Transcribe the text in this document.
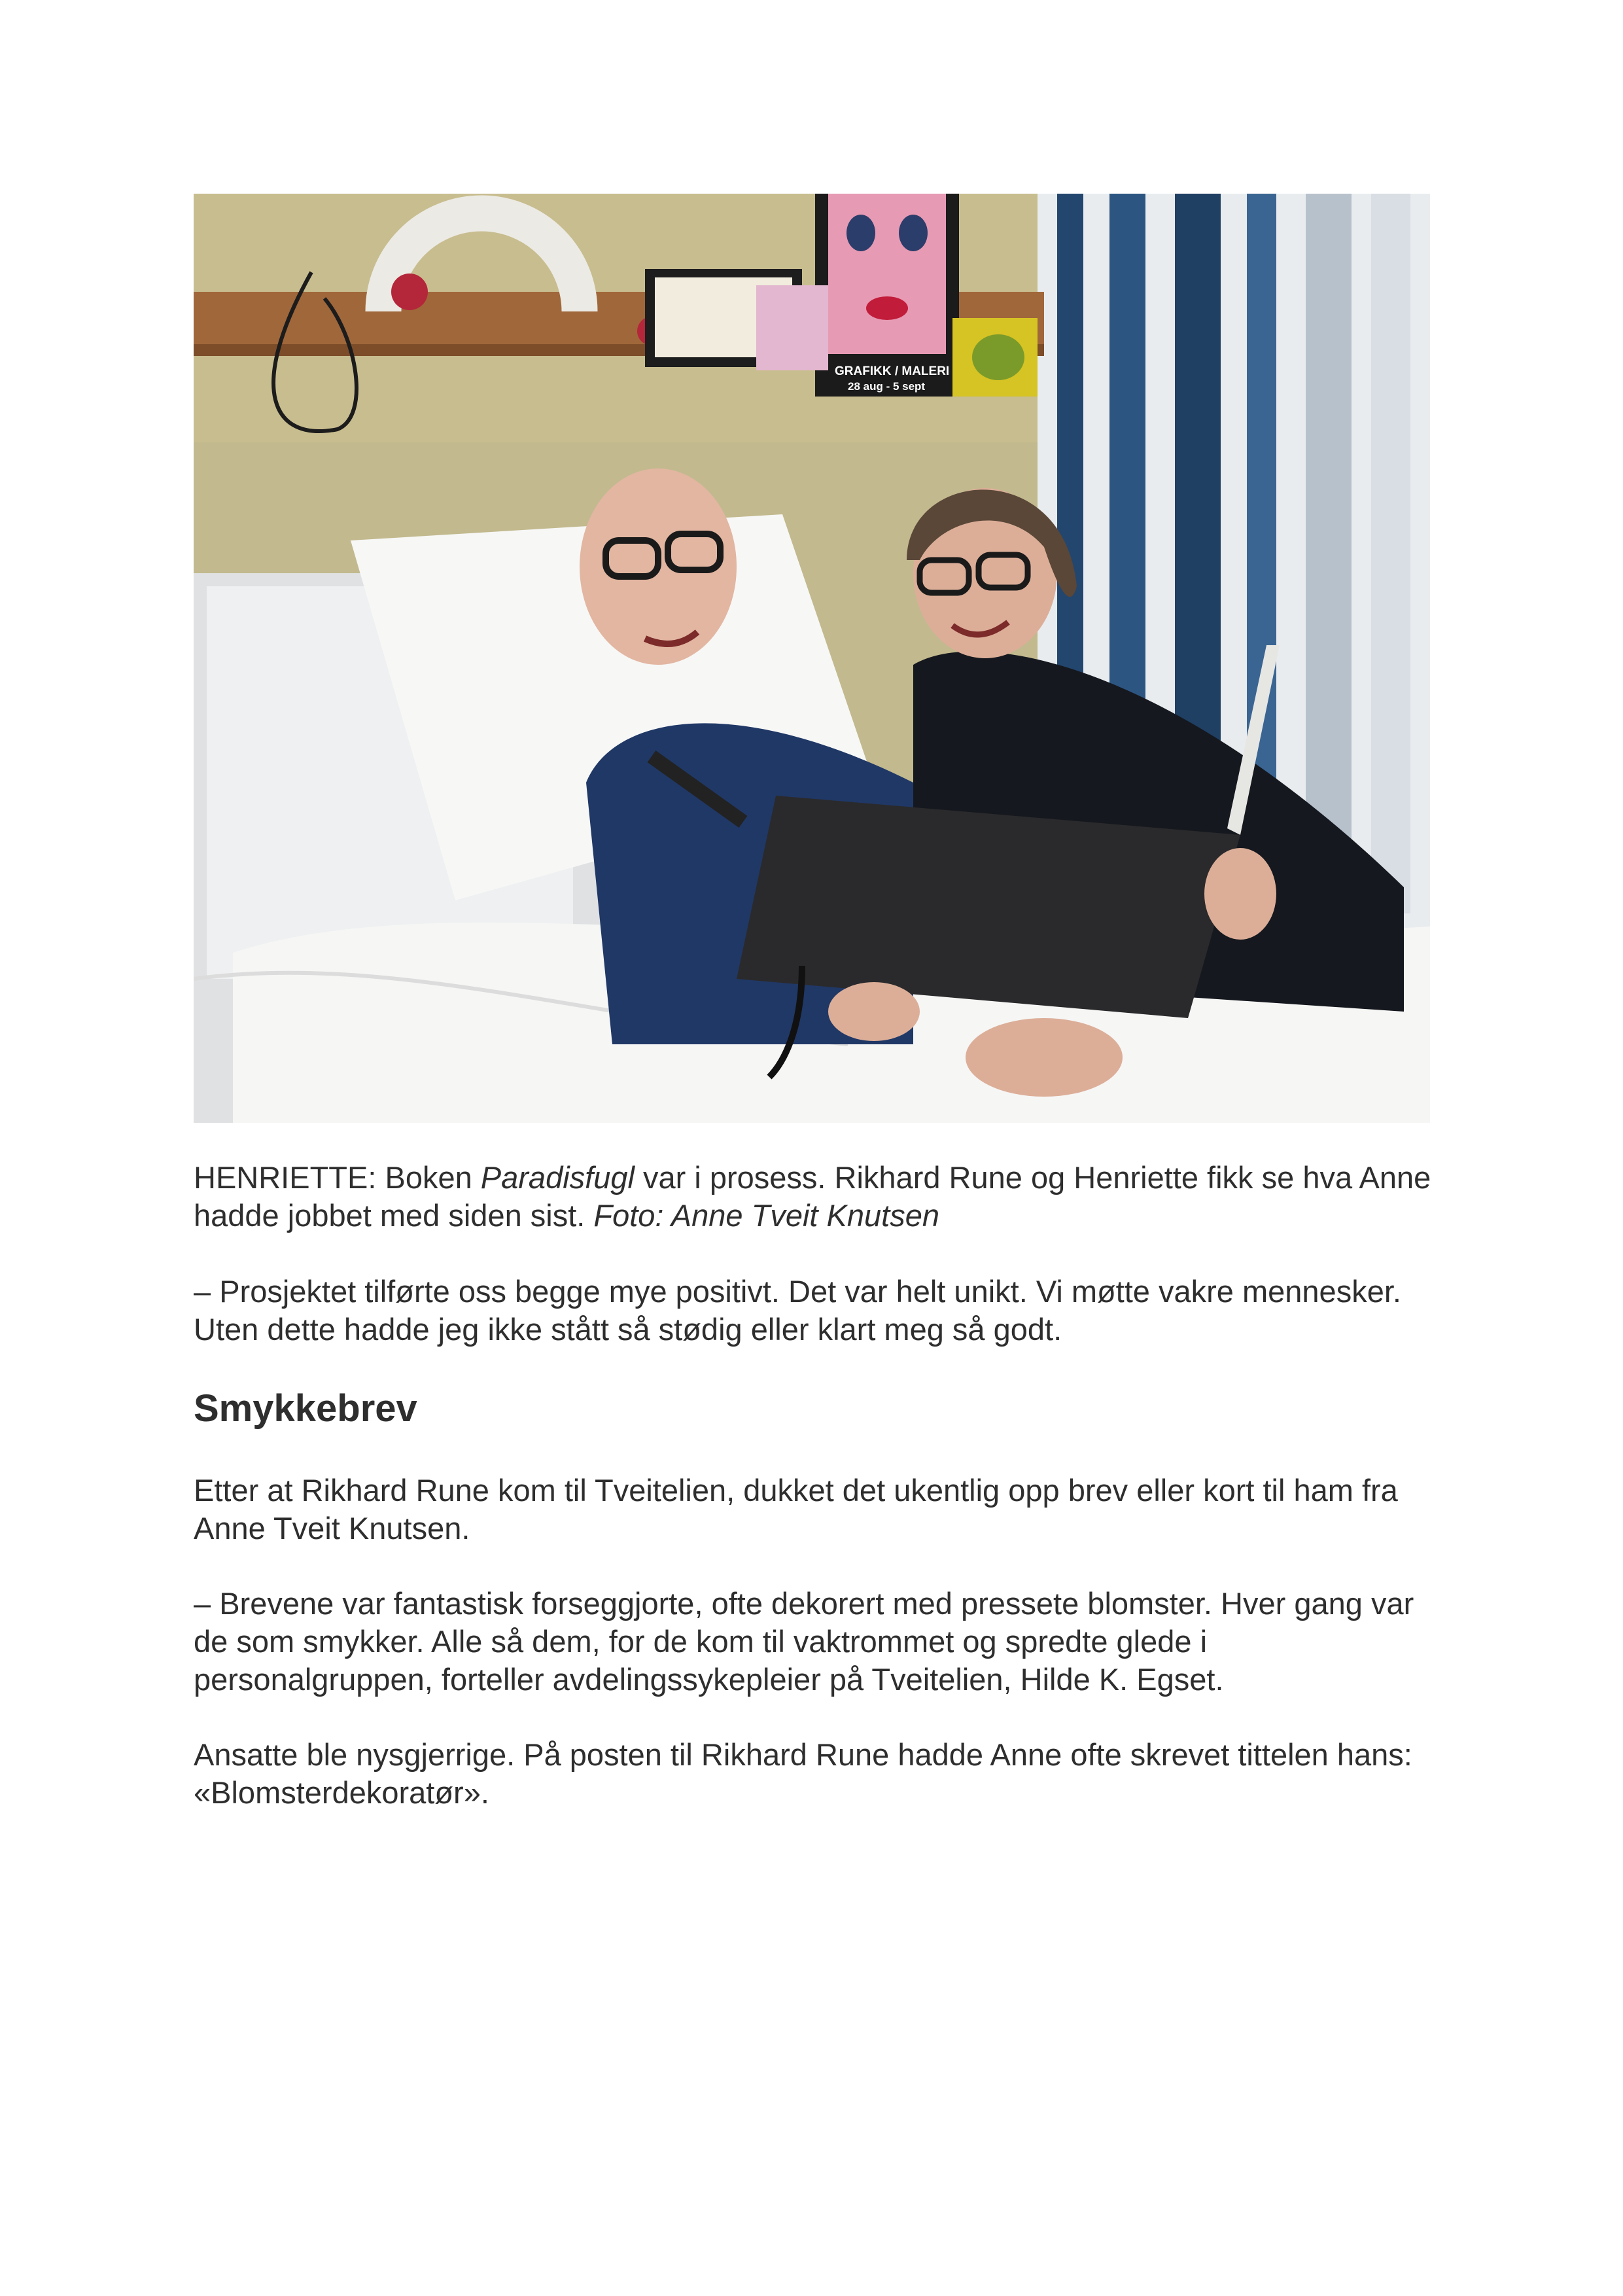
GRAFIKK / MALERI
28 aug - 5 sept

HENRIETTE: Boken Paradisfugl var i prosess. Rikhard Rune og Henriette fikk se hva Anne hadde jobbet med siden sist. Foto: Anne Tveit Knutsen

– Prosjektet tilførte oss begge mye positivt. Det var helt unikt. Vi møtte vakre mennesker. Uten dette hadde jeg ikke stått så stødig eller klart meg så godt.

Smykkebrev

Etter at Rikhard Rune kom til Tveitelien, dukket det ukentlig opp brev eller kort til ham fra Anne Tveit Knutsen.

– Brevene var fantastisk forseggjorte, ofte dekorert med pressete blomster. Hver gang var de som smykker. Alle så dem, for de kom til vaktrommet og spredte glede i personalgruppen, forteller avdelingssykepleier på Tveitelien, Hilde K. Egset.

Ansatte ble nysgjerrige. På posten til Rikhard Rune hadde Anne ofte skrevet tittelen hans: «Blomsterdekoratør».
